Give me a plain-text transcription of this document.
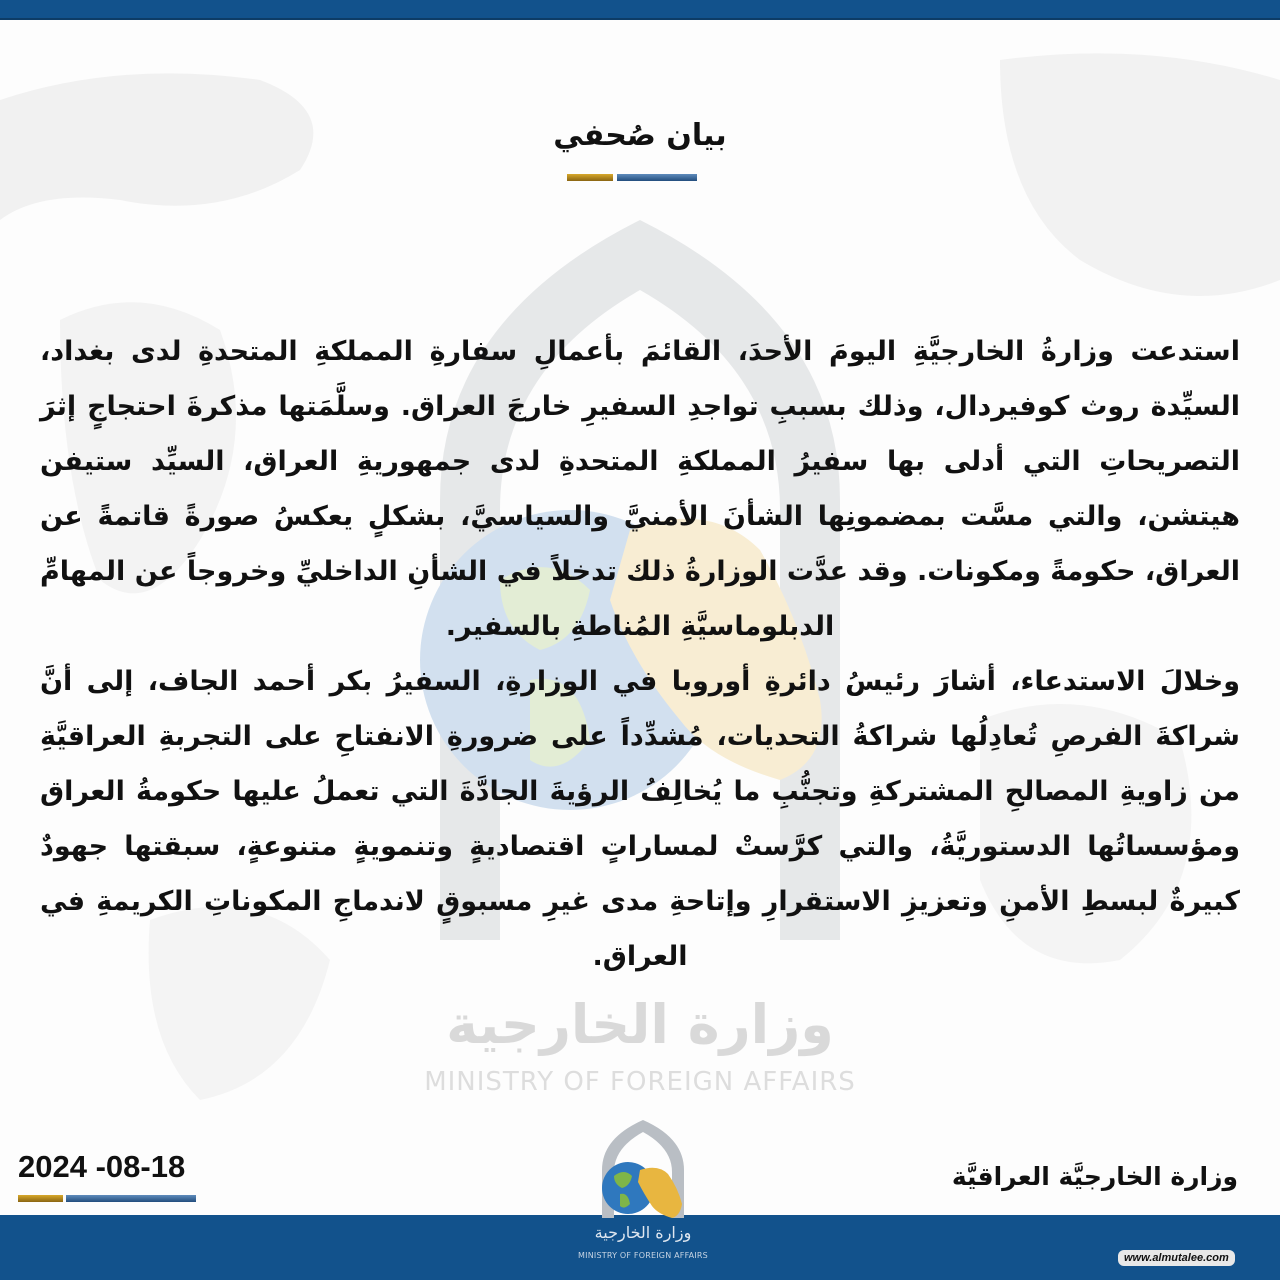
وزارة الخارجية
MINISTRY OF FOREIGN AFFAIRS
بيان صُحفي

استدعت وزارةُ الخارجيَّةِ اليومَ الأحدَ، القائمَ بأعمالِ سفارةِ المملكةِ المتحدةِ لدى بغداد، السيِّدة روث كوفيردال، وذلك بسببِ تواجدِ السفيرِ خارجَ العراق. وسلَّمَتها مذكرةَ احتجاجٍ إثرَ التصريحاتِ التي أدلى بها سفيرُ المملكةِ المتحدةِ لدى جمهوريةِ العراق، السيِّد ستيفن هيتشن، والتي مسَّت بمضمونِها الشأنَ الأمنيَّ والسياسيَّ، بشكلٍ يعكسُ صورةً قاتمةً عن العراق، حكومةً ومكونات. وقد عدَّت الوزارةُ ذلك تدخلاً في الشأنِ الداخليِّ وخروجاً عن المهامِّ الدبلوماسيَّةِ المُناطةِ بالسفير.

وخلالَ الاستدعاء، أشارَ رئيسُ دائرةِ أوروبا في الوزارةِ، السفيرُ بكر أحمد الجاف، إلى أنَّ شراكةَ الفرصِ تُعادِلُها شراكةُ التحديات، مُشدِّداً على ضرورةِ الانفتاحِ على التجربةِ العراقيَّةِ من زاويةِ المصالحِ المشتركةِ وتجنُّبِ ما يُخالِفُ الرؤيةَ الجادَّةَ التي تعملُ عليها حكومةُ العراق ومؤسساتُها الدستوريَّةُ، والتي كرَّستْ لمساراتٍ اقتصاديةٍ وتنمويةٍ متنوعةٍ، سبقتها جهودٌ كبيرةٌ لبسطِ الأمنِ وتعزيزِ الاستقرارِ وإتاحةِ مدى غيرِ مسبوقٍ لاندماجِ المكوناتِ الكريمةِ في العراق.

2024 -08-18	وزارة الخارجيَّة العراقيَّة
وزارة الخارجية
MINISTRY OF FOREIGN AFFAIRS	www.almutalee.com
